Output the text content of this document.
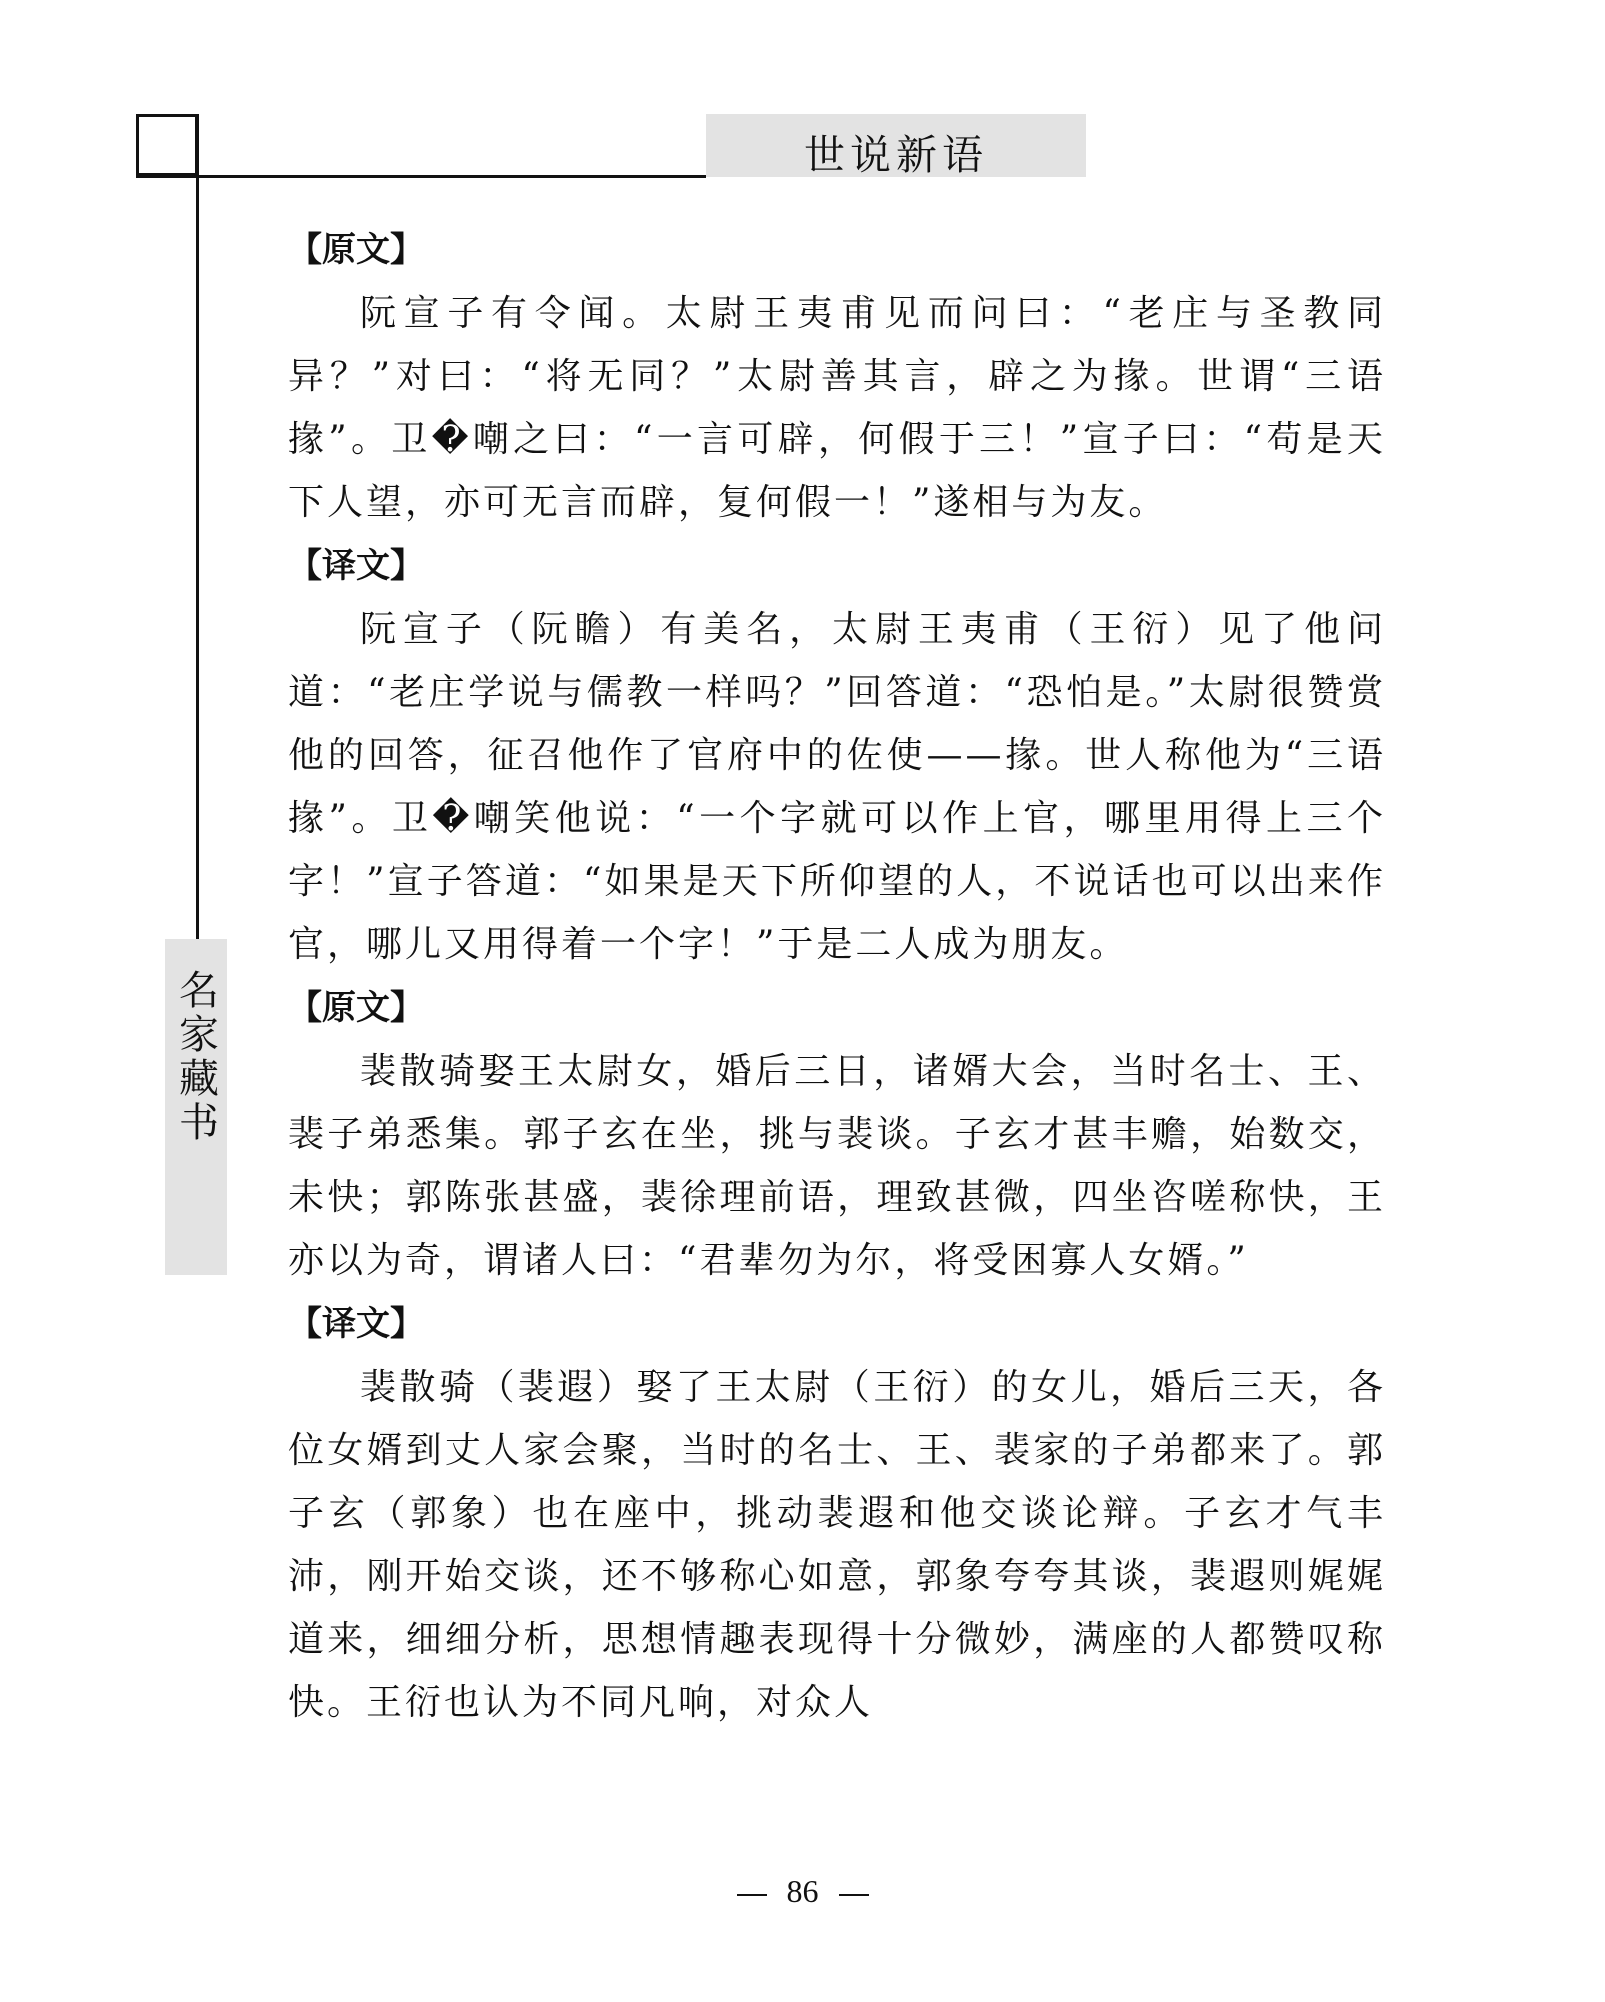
世说新语
名家藏书

【原文】

阮宣子有令闻。太尉王夷甫见而问曰：“老庄与圣教同异？”对曰：“将无同？”太尉善其言，辟之为掾。世谓“三语掾”。卫�嘲之曰：“一言可辟，何假于三！”宣子曰：“苟是天下人望，亦可无言而辟，复何假一！”遂相与为友。

【译文】

阮宣子（阮瞻）有美名，太尉王夷甫（王衍）见了他问道：“老庄学说与儒教一样吗？”回答道：“恐怕是。”太尉很赞赏他的回答，征召他作了官府中的佐使——掾。世人称他为“三语掾”。卫�嘲笑他说：“一个字就可以作上官，哪里用得上三个字！”宣子答道：“如果是天下所仰望的人，不说话也可以出来作官，哪儿又用得着一个字！”于是二人成为朋友。

【原文】

裴散骑娶王太尉女，婚后三日，诸婿大会，当时名士、王、裴子弟悉集。郭子玄在坐，挑与裴谈。子玄才甚丰赡，始数交，未快；郭陈张甚盛，裴徐理前语，理致甚微，四坐咨嗟称快，王亦以为奇，谓诸人曰：“君辈勿为尔，将受困寡人女婿。”

【译文】

裴散骑（裴遐）娶了王太尉（王衍）的女儿，婚后三天，各位女婿到丈人家会聚，当时的名士、王、裴家的子弟都来了。郭子玄（郭象）也在座中，挑动裴遐和他交谈论辩。子玄才气丰沛，刚开始交谈，还不够称心如意，郭象夸夸其谈，裴遐则娓娓道来，细细分析，思想情趣表现得十分微妙，满座的人都赞叹称快。王衍也认为不同凡响，对众人

86
